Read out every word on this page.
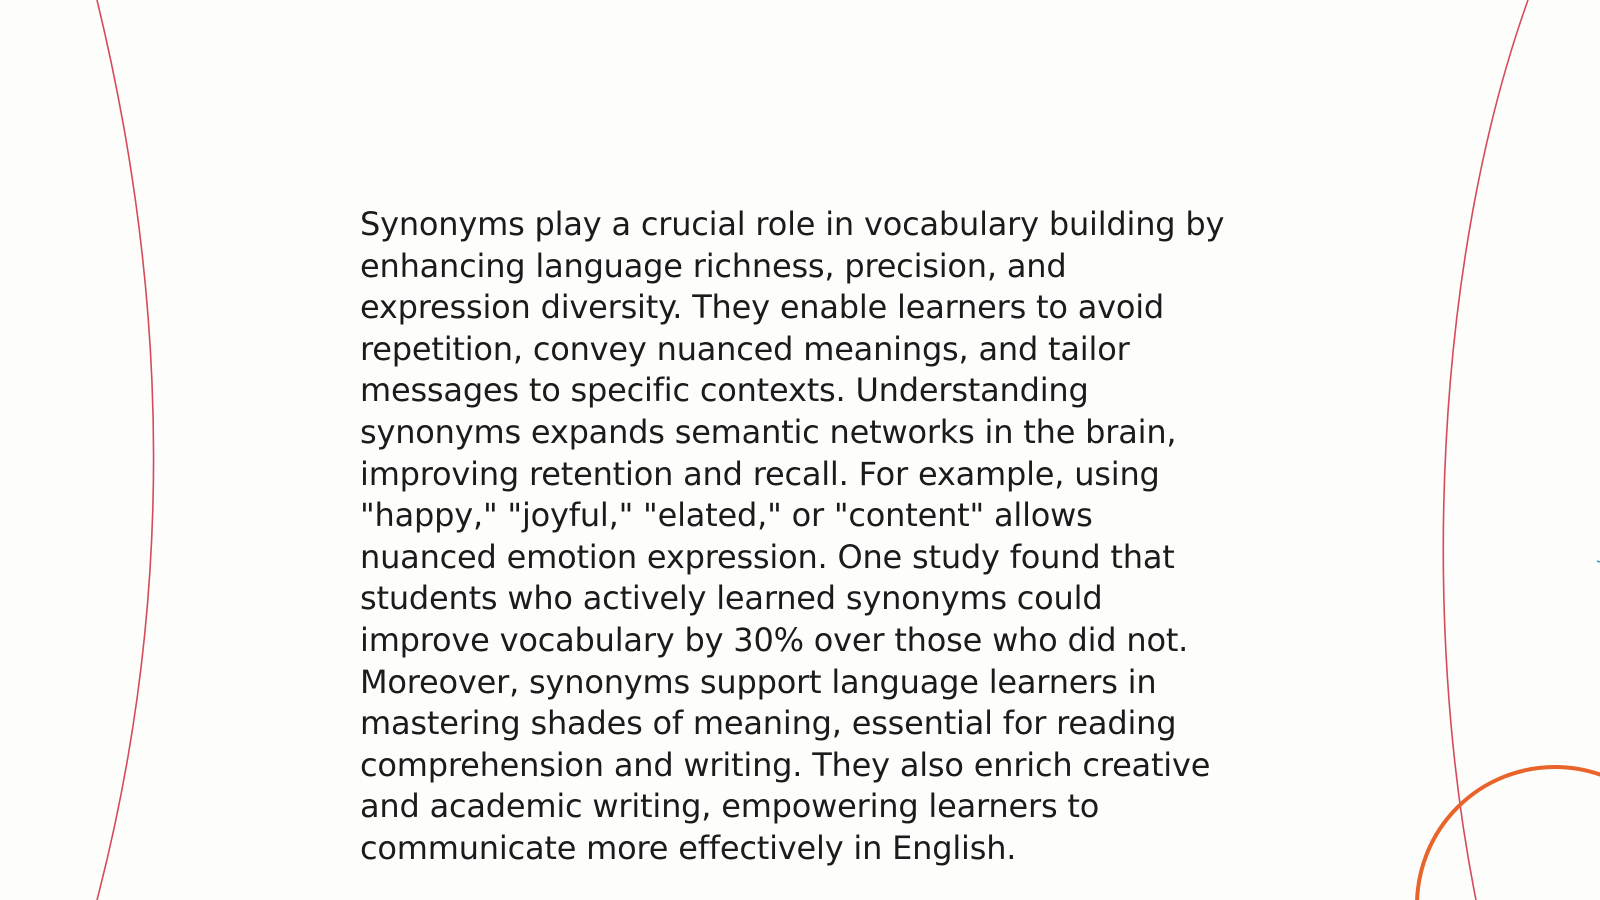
Synonyms play a crucial role in vocabulary building by
enhancing language richness, precision, and
expression diversity. They enable learners to avoid
repetition, convey nuanced meanings, and tailor
messages to specific contexts. Understanding
synonyms expands semantic networks in the brain,
improving retention and recall. For example, using
"happy," "joyful," "elated," or "content" allows
nuanced emotion expression. One study found that
students who actively learned synonyms could
improve vocabulary by 30% over those who did not.
Moreover, synonyms support language learners in
mastering shades of meaning, essential for reading
comprehension and writing. They also enrich creative
and academic writing, empowering learners to
communicate more effectively in English.
